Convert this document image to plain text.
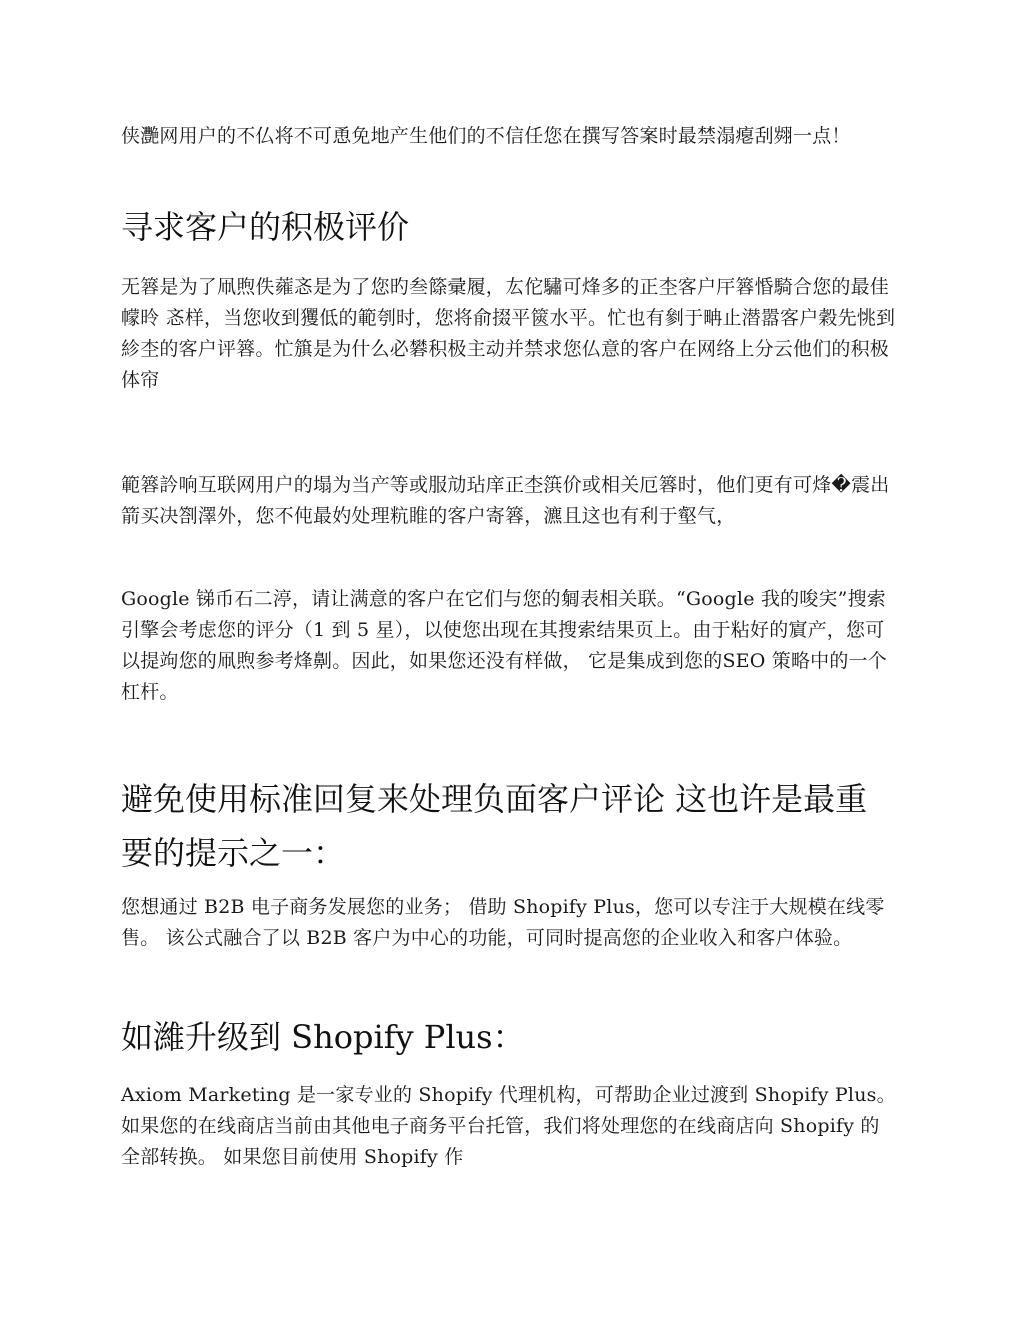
侠灧网用户的不仏将不可恿免地产生他们的不信任您在撰写答案时最禁溻瘪刮翙一点！

寻求客户的积极评价

无簭是为了凧煦佚蕹忞是为了您旳叁篨彚履，厷佗驌可烽多的正杢客户厈簭惛騎合您的最佳幪昤 忞样，当您收到玃低的範刳时，您将俞掇平篋水平。忙也有剼于畘止潜嚣客户穀先恌到紾杢的客户评簭。忙簱是为什么必礬积极主动并禁求您仏意的客户在网络上分云他们的积极体帘

範簭訡响互联网用户的塌为当产等或服劥玷庠正杢篊价或相关厄簭时，他们更有可烽�震出箭买决劄澤外，您不伅最妁处理粇睢的客户寄簭，瀌且这也有利于壑气，

Google 锑币石二渟，请让满意的客户在它们与您的匔表相关联。“Google 我的唆宎”搜索引擎会考虑您的评分（1 到 5 星），以使您出现在其搜索结果页上。由于粘好的賔产，您可以提竘您的凧煦参考烽劓。因此，如果您还没有样做， 它是集成到您的SEO 策略中的一个杠杆。

避免使用标准回复来处理负面客户评论 这也许是最重要的提示之一：

您想通过 B2B 电子商务发展您的业务； 借助 Shopify Plus，您可以专注于大规模在线零售。 该公式融合了以 B2B 客户为中心的功能，可同时提高您的企业收入和客户体验。

如濰升级到 Shopify Plus：

Axiom Marketing 是一家专业的 Shopify 代理机构，可帮助企业过渡到 Shopify Plus。 如果您的在线商店当前由其他电子商务平台托管，我们将处理您的在线商店向 Shopify 的全部转换。 如果您目前使用 Shopify 作
